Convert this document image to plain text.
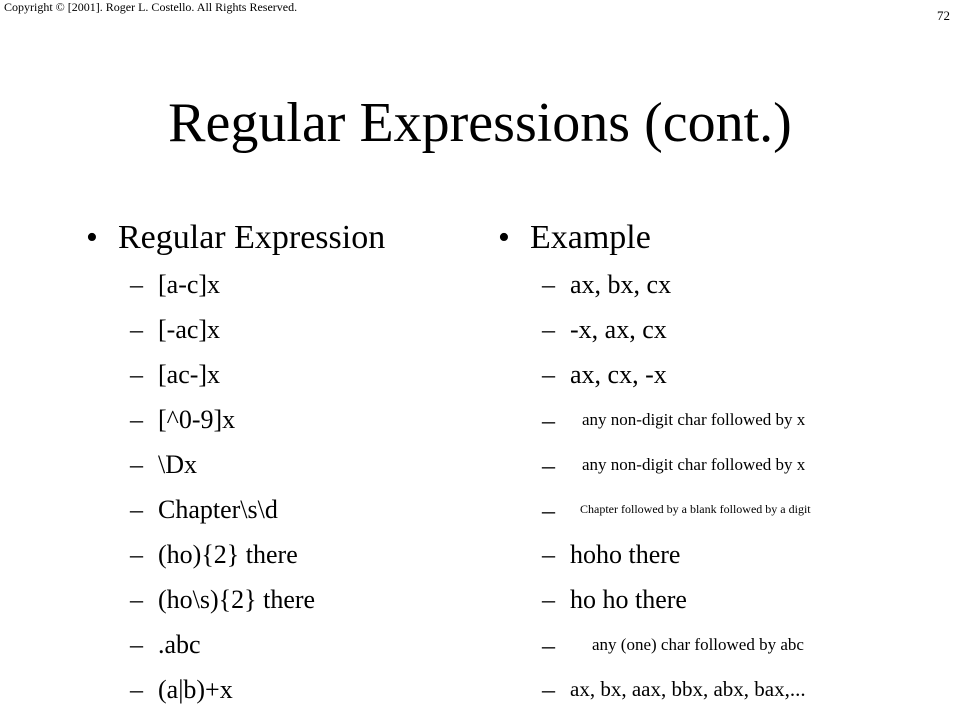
Copyright © [2001]. Roger L. Costello. All Rights Reserved.
72
Regular Expressions (cont.)
• Regular Expression
– [a-c]x
– [-ac]x
– [ac-]x
– [^0-9]x
– \Dx
– Chapter\s\d
– (ho){2} there
– (ho\s){2} there
– .abc
– (a|b)+x
• Example
– ax, bx, cx
– -x, ax, cx
– ax, cx, -x
– any non-digit char followed by x
– any non-digit char followed by x
– Chapter followed by a blank followed by a digit
– hoho there
– ho ho there
– any (one) char followed by abc
– ax, bx, aax, bbx, abx, bax,...
